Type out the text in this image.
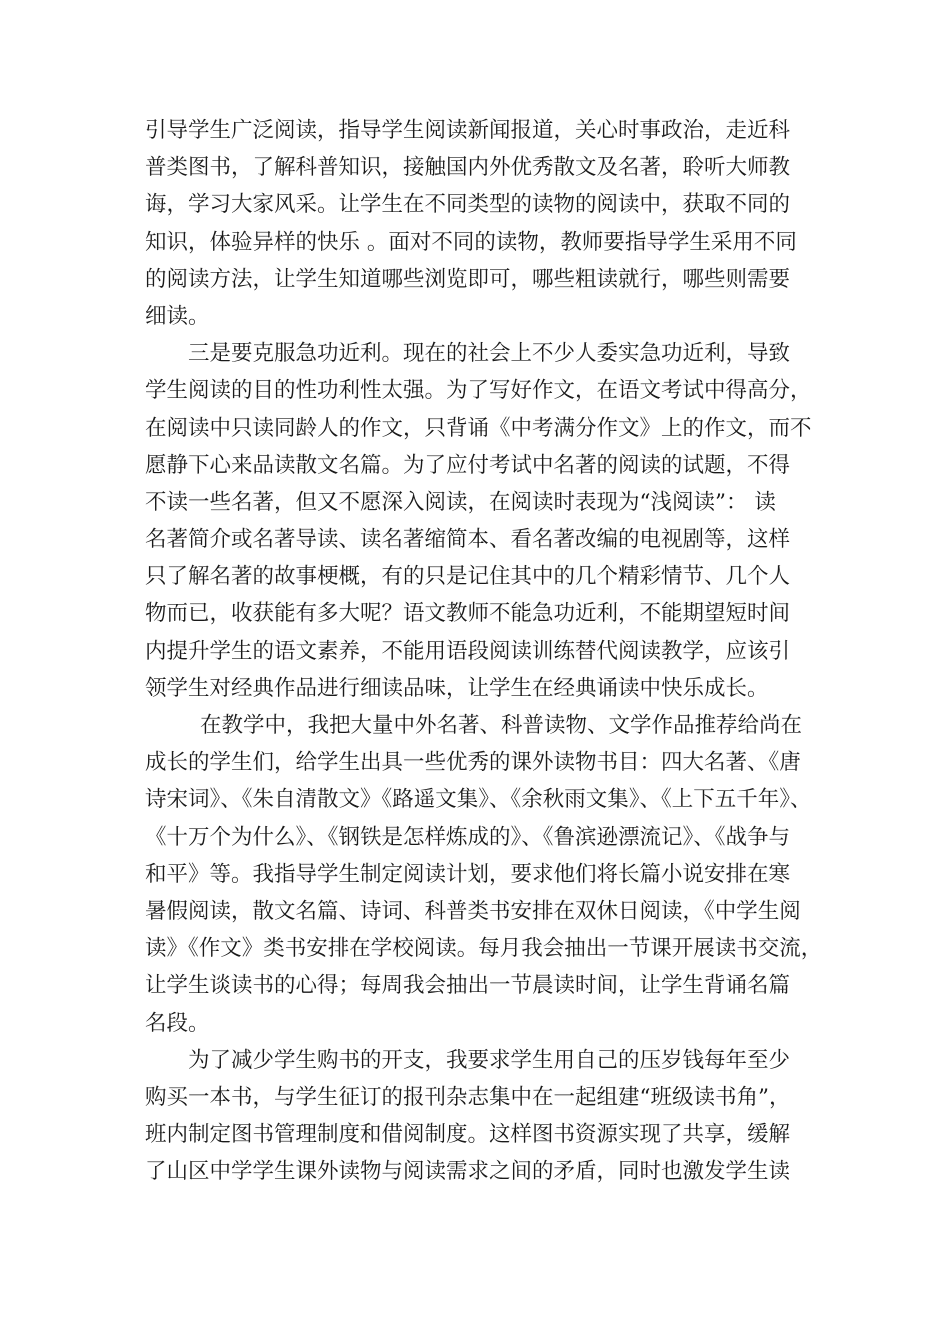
引导学生广泛阅读，指导学生阅读新闻报道，关心时事政治，走近科
普类图书，了解科普知识，接触国内外优秀散文及名著，聆听大师教
诲，学习大家风采。让学生在不同类型的读物的阅读中，获取不同的
知识，体验异样的快乐 。面对不同的读物，教师要指导学生采用不同
的阅读方法，让学生知道哪些浏览即可，哪些粗读就行，哪些则需要
细读。

三是要克服急功近利。现在的社会上不少人委实急功近利，导致
学生阅读的目的性功利性太强。为了写好作文，在语文考试中得高分，
在阅读中只读同龄人的作文，只背诵《中考满分作文》上的作文，而不
愿静下心来品读散文名篇。为了应付考试中名著的阅读的试题，不得
不读一些名著，但又不愿深入阅读，在阅读时表现为“浅阅读”： 读
名著简介或名著导读、读名著缩简本、看名著改编的电视剧等，这样
只了解名著的故事梗概，有的只是记住其中的几个精彩情节、几个人
物而已，收获能有多大呢？语文教师不能急功近利，不能期望短时间
内提升学生的语文素养，不能用语段阅读训练替代阅读教学，应该引
领学生对经典作品进行细读品味，让学生在经典诵读中快乐成长。

在教学中，我把大量中外名著、科普读物、文学作品推荐给尚在
成长的学生们，给学生出具一些优秀的课外读物书目：四大名著、《唐
诗宋词》、《朱自清散文》《路遥文集》、《余秋雨文集》、《上下五千年》、
《十万个为什么》、《钢铁是怎样炼成的》、《鲁滨逊漂流记》、《战争与
和平》等。我指导学生制定阅读计划，要求他们将长篇小说安排在寒
暑假阅读，散文名篇、诗词、科普类书安排在双休日阅读，《中学生阅
读》《作文》类书安排在学校阅读。每月我会抽出一节课开展读书交流，
让学生谈读书的心得；每周我会抽出一节晨读时间，让学生背诵名篇
名段。

为了减少学生购书的开支，我要求学生用自己的压岁钱每年至少
购买一本书，与学生征订的报刊杂志集中在一起组建“班级读书角”，
班内制定图书管理制度和借阅制度。这样图书资源实现了共享，缓解
了山区中学学生课外读物与阅读需求之间的矛盾，同时也激发学生读
